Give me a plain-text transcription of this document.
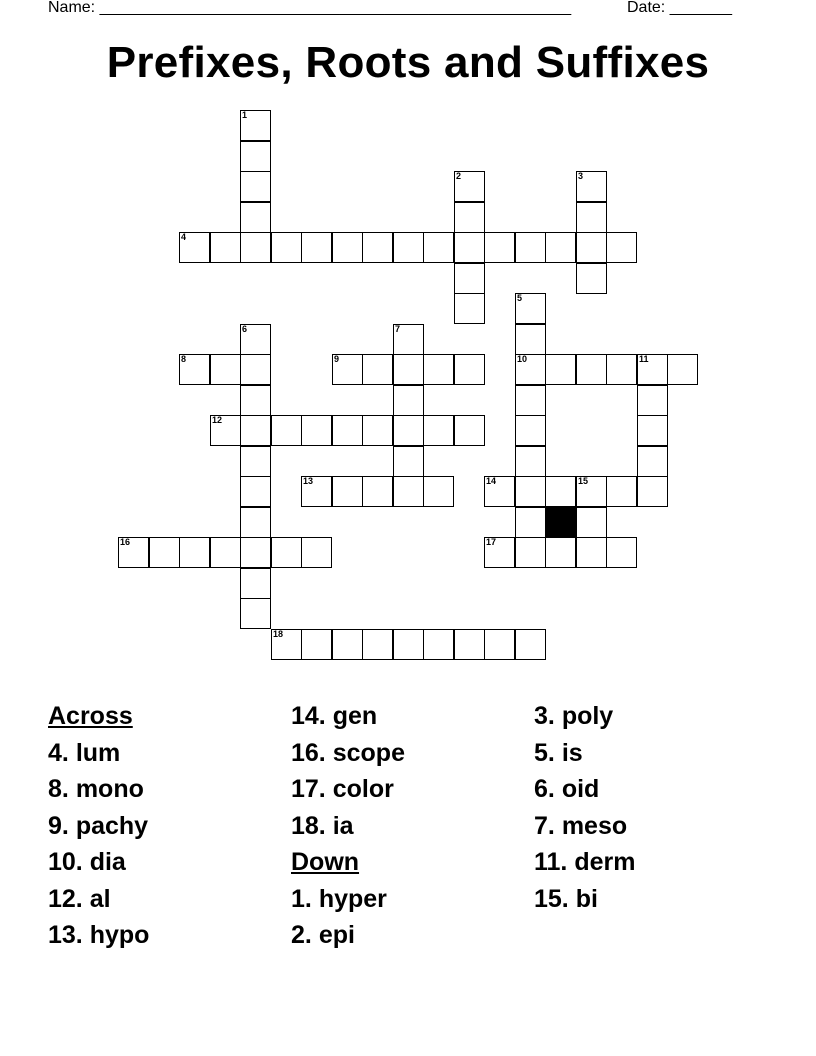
Name: _____________________________________________________	Date: _______
Prefixes, Roots and Suffixes
1
2	3
4
5
10
6	7
8	9	11
12
13	14	15
16	17
18
Across
4. lum
8. mono
9. pachy
10. dia
12. al
13. hypo
14. gen
16. scope
17. color
18. ia
Down
1. hyper
2. epi
3. poly
5. is
6. oid
7. meso
11. derm
15. bi
